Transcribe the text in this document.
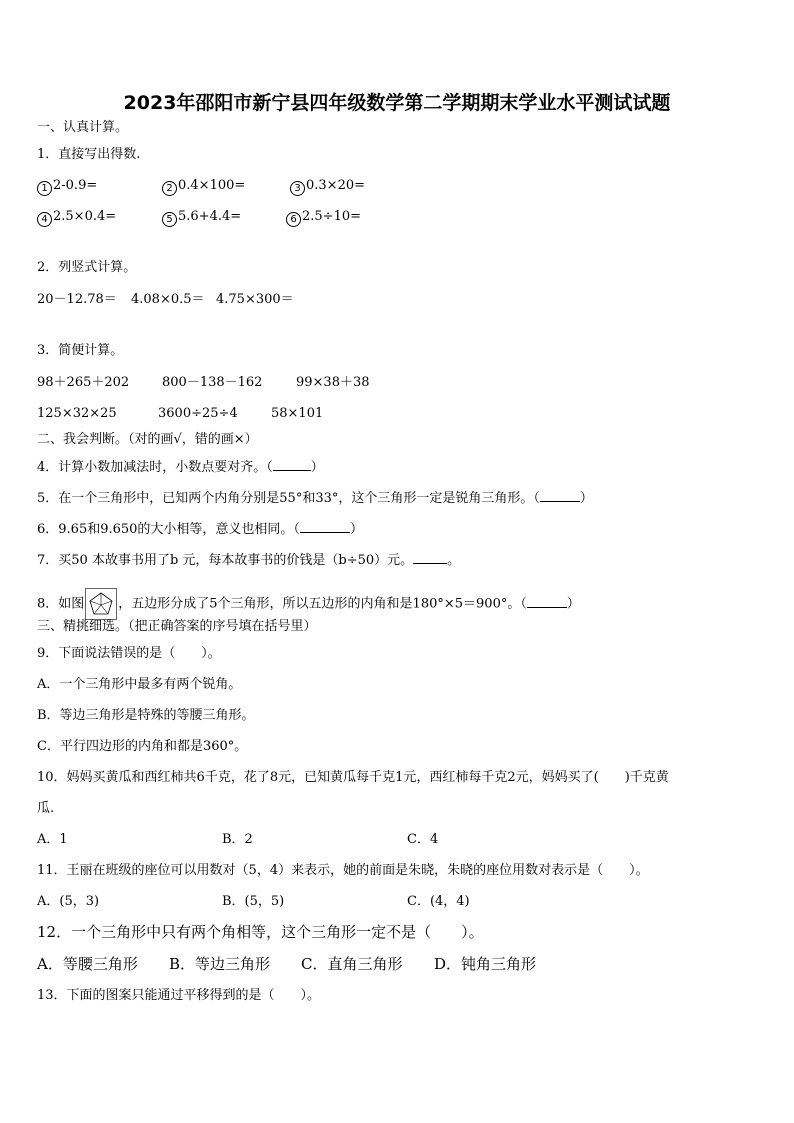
2023年邵阳市新宁县四年级数学第二学期期末学业水平测试试题
一、认真计算。
1．直接写出得数.
1 2-0.9=	2 0.4×100=	3 0.3×20=
4 2.5×0.4=	5 5.6+4.4=	6 2.5÷10=
2．列竖式计算。
20－12.78＝ 4.08×0.5＝ 4.75×300＝
3．简便计算。
98＋265＋202	800－138－162	99×38＋38
125×32×25	3600÷25÷4	58×101
二、我会判断。（对的画√，错的画×）
4．计算小数加减法时，小数点要对齐。（	）
5．在一个三角形中，已知两个内角分别是55°和33°，这个三角形一定是锐角三角形。（	）
6．9.65和9.650的大小相等，意义也相同。（	）
7．买50 本故事书用了b 元，每本故事书的价钱是（b÷50）元。	。
8．如图	，五边形分成了5个三角形，所以五边形的内角和是180°×5＝900°。（	）
三、精挑细选。（把正确答案的序号填在括号里）
9．下面说法错误的是（　　）。
A．一个三角形中最多有两个锐角。
B．等边三角形是特殊的等腰三角形。
C．平行四边形的内角和都是360°。
10．妈妈买黄瓜和西红柿共6千克，花了8元，已知黄瓜每千克1元，西红柿每千克2元，妈妈买了(　　)千克黄
瓜.
A．1	B．2	C．4
11．王丽在班级的座位可以用数对（5，4）来表示，她的前面是朱晓，朱晓的座位用数对表示是（　　）。
A．(5，3)	B．(5，5)	C．(4，4)
12．一个三角形中只有两个角相等，这个三角形一定不是（　　）。
A．等腰三角形 B．等边三角形 C．直角三角形 D．钝角三角形
13．下面的图案只能通过平移得到的是（　　）。
